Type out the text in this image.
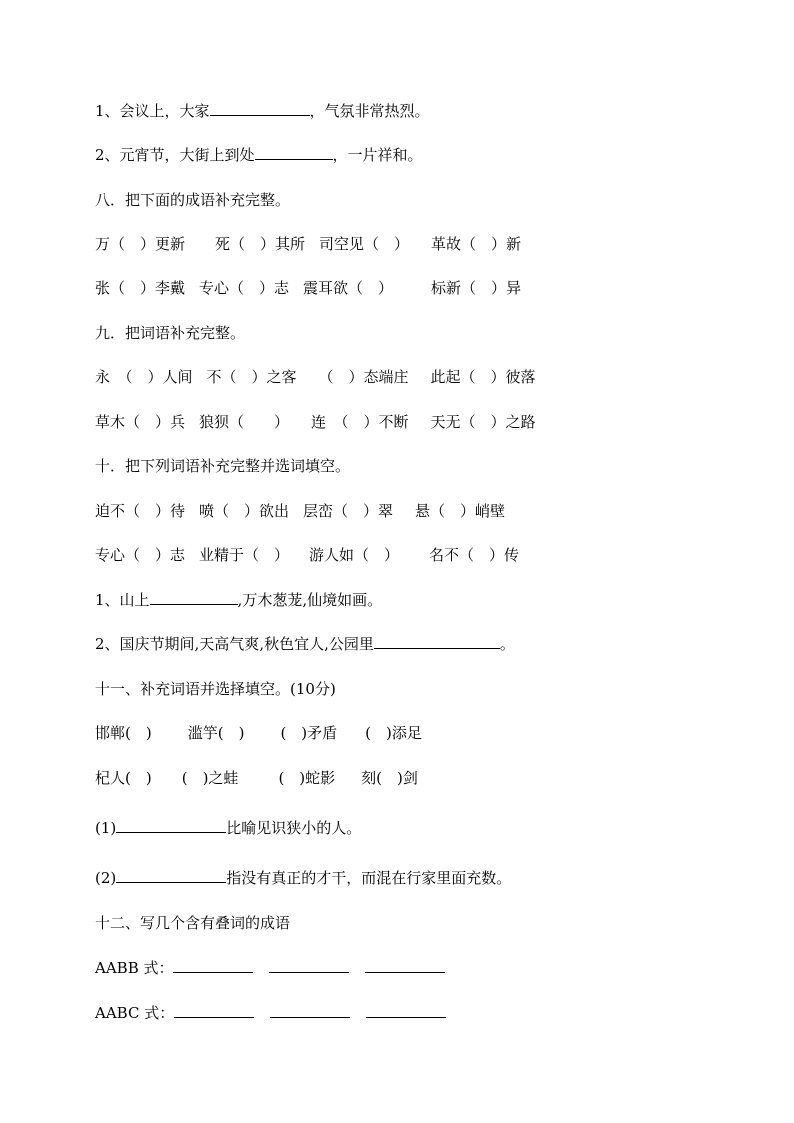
1、会议上，大家	，气氛非常热烈。
2、元宵节，大街上到处	，一片祥和。
八．把下面的成语补充完整。
万（　）更新 死（　）其所 司空见（　） 革故（　）新
张（　）李戴 专心（　）志 震耳欲（　）	标新（　）异
九．把词语补充完整。
永　（　）人间 不（　）之客 （　）态端庄 此起（　）彼落
草木（　）兵 狼狈（　　） 连　（　）不断 天无（　）之路
十．把下列词语补充完整并选词填空。
迫不（　）待 喷（　）欲出 层峦（　）翠 悬（　）峭壁
专心（　）志 业精于（　） 游人如（　） 名不（　）传
1、山上	,万木葱茏,仙境如画。
2、国庆节期间,天高气爽,秋色宜人,公园里	。
十一、补充词语并选择填空。(10分)
邯郸(　) 滥竽(　) (　)矛盾 (　)添足
杞人(　) (　)之蛙	(　)蛇影 刻(　)剑
(1)	比喻见识狭小的人。
(2)	指没有真正的才干，而混在行家里面充数。
十二、写几个含有叠词的成语
AABB 式：
AABC 式：
